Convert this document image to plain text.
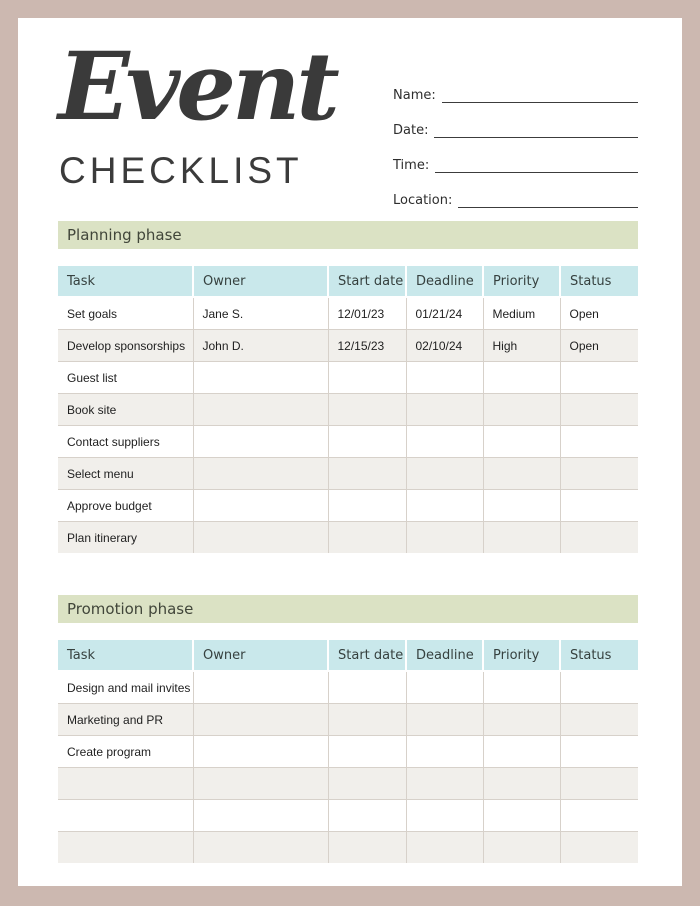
Event
CHECKLIST
Name:
Date:
Time:
Location:
Planning phase
Task	Owner	Start date	Deadline	Priority	Status
Set goals	Jane S.	12/01/23	01/21/24	Medium	Open
Develop sponsorships	John D.	12/15/23	02/10/24	High	Open
Guest list					
Book site					
Contact suppliers					
Select menu					
Approve budget					
Plan itinerary					
Promotion phase
Task	Owner	Start date	Deadline	Priority	Status
Design and mail invites					
Marketing and PR					
Create program					
